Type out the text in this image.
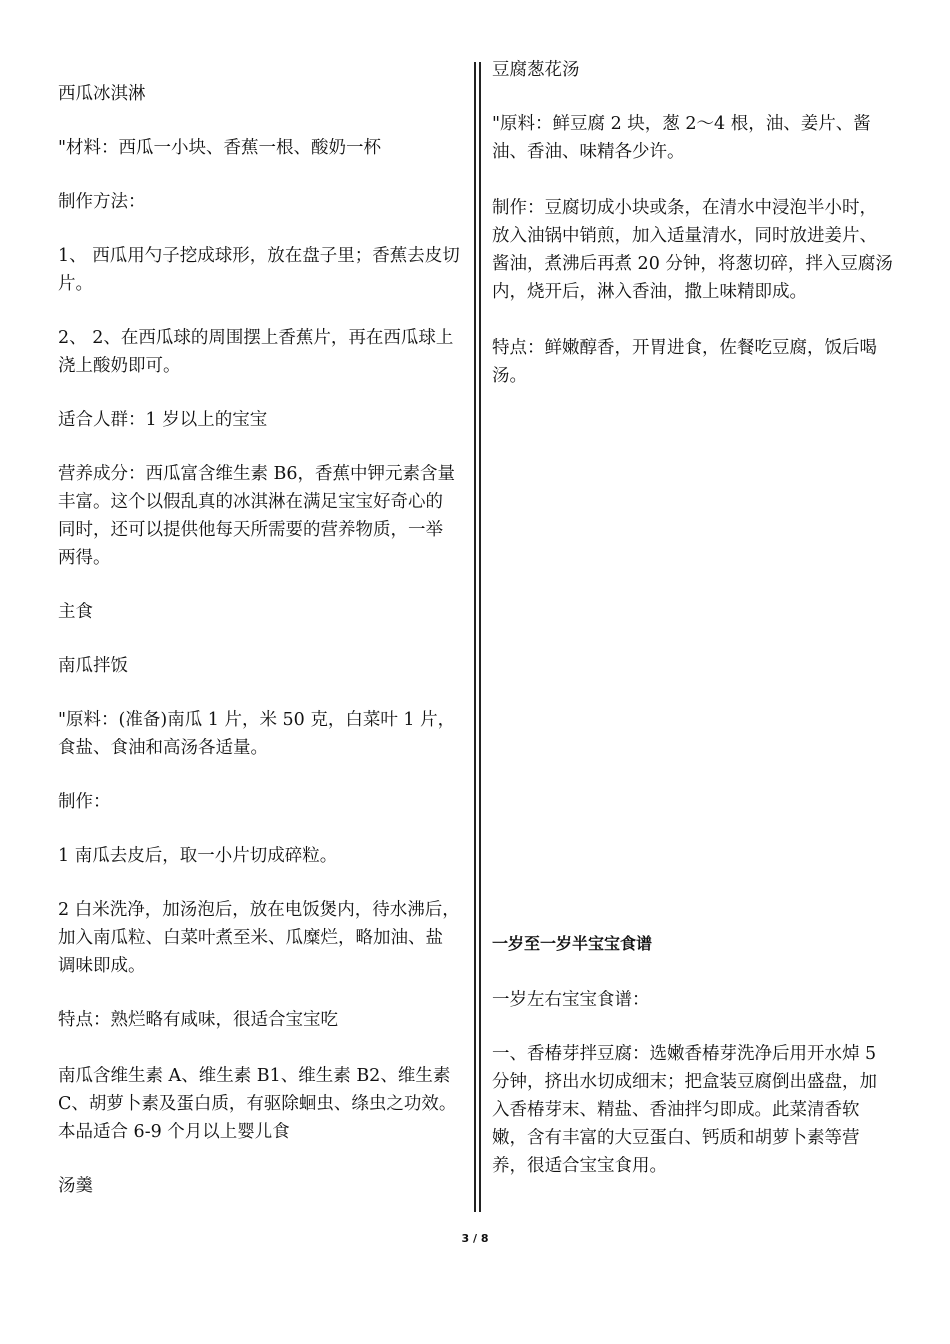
西瓜冰淇淋

"材料：西瓜一小块、香蕉一根、酸奶一杯

制作方法：

1、 西瓜用勺子挖成球形，放在盘子里；香蕉去皮切片。

2、 2、在西瓜球的周围摆上香蕉片，再在西瓜球上浇上酸奶即可。

适合人群：1 岁以上的宝宝

营养成分：西瓜富含维生素 B6，香蕉中钾元素含量丰富。这个以假乱真的冰淇淋在满足宝宝好奇心的同时，还可以提供他每天所需要的营养物质，一举两得。

主食

南瓜拌饭

"原料：(准备)南瓜 1 片，米 50 克，白菜叶 1 片，食盐、食油和高汤各适量。

制作：

1 南瓜去皮后，取一小片切成碎粒。

2 白米洗净，加汤泡后，放在电饭煲内，待水沸后，加入南瓜粒、白菜叶煮至米、瓜糜烂，略加油、盐调味即成。

特点：熟烂略有咸味，很适合宝宝吃

南瓜含维生素 A、维生素 B1、维生素 B2、维生素 C、胡萝卜素及蛋白质，有驱除蛔虫、绦虫之功效。本品适合 6-9 个月以上婴儿食

汤羹

豆腐葱花汤

"原料：鲜豆腐 2 块，葱 2～4 根，油、姜片、酱油、香油、味精各少许。

制作：豆腐切成小块或条，在清水中浸泡半小时，放入油锅中销煎，加入适量清水，同时放进姜片、酱油，煮沸后再煮 20 分钟，将葱切碎，拌入豆腐汤内，烧开后，淋入香油，撒上味精即成。

特点：鲜嫩醇香，开胃进食，佐餐吃豆腐，饭后喝汤。

一岁至一岁半宝宝食谱

一岁左右宝宝食谱：

一、香椿芽拌豆腐：选嫩香椿芽洗净后用开水焯 5 分钟，挤出水切成细末；把盒装豆腐倒出盛盘，加入香椿芽末、精盐、香油拌匀即成。此菜清香软嫩，含有丰富的大豆蛋白、钙质和胡萝卜素等营养，很适合宝宝食用。

3 / 8
